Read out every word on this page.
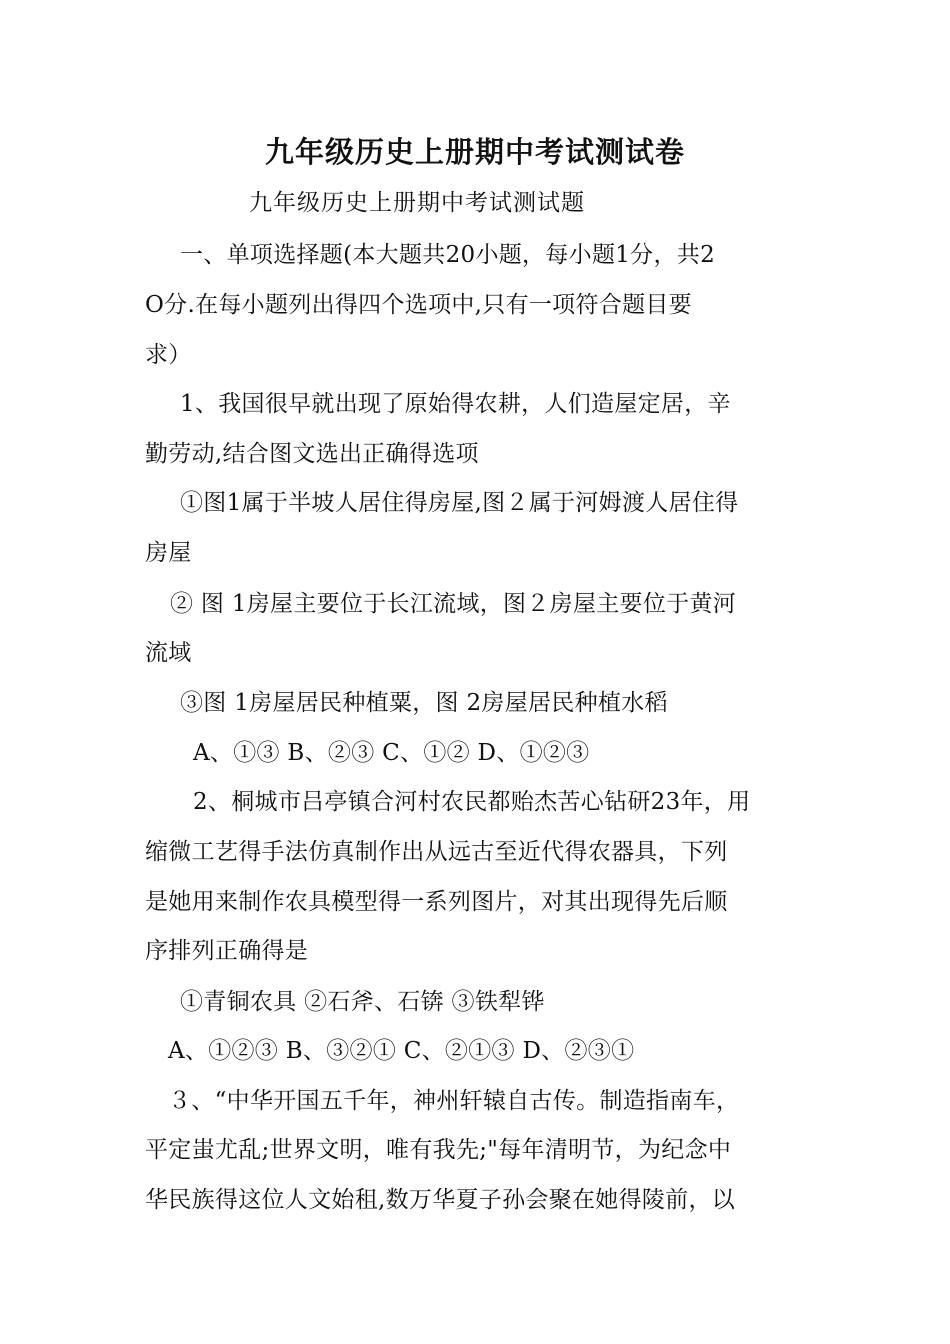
九年级历史上册期中考试测试卷
九年级历史上册期中考试测试题
一、单项选择题(本大题共20小题，每小题1分，共2
O分.在每小题列出得四个选项中,只有一项符合题目要
求）
1、我国很早就出现了原始得农耕，人们造屋定居，辛
勤劳动,结合图文选出正确得选项
①图1属于半坡人居住得房屋,图２属于河姆渡人居住得
房屋
② 图 1房屋主要位于长江流域，图２房屋主要位于黄河
流域
③图 1房屋居民种植粟，图 2房屋居民种植水稻
A、①③ B、②③ C、①② D、①②③
2、桐城市吕亭镇合河村农民都贻杰苦心钻研23年，用
缩微工艺得手法仿真制作出从远古至近代得农器具，下列
是她用来制作农具模型得一系列图片，对其出现得先后顺
序排列正确得是
①青铜农具 ②石斧、石锛 ③铁犁铧
A、①②③ B、③②① C、②①③ D、②③①
３、“中华开国五千年，神州轩辕自古传。制造指南车，
平定蚩尤乱;世界文明，唯有我先;"每年清明节，为纪念中
华民族得这位人文始租,数万华夏子孙会聚在她得陵前，以
